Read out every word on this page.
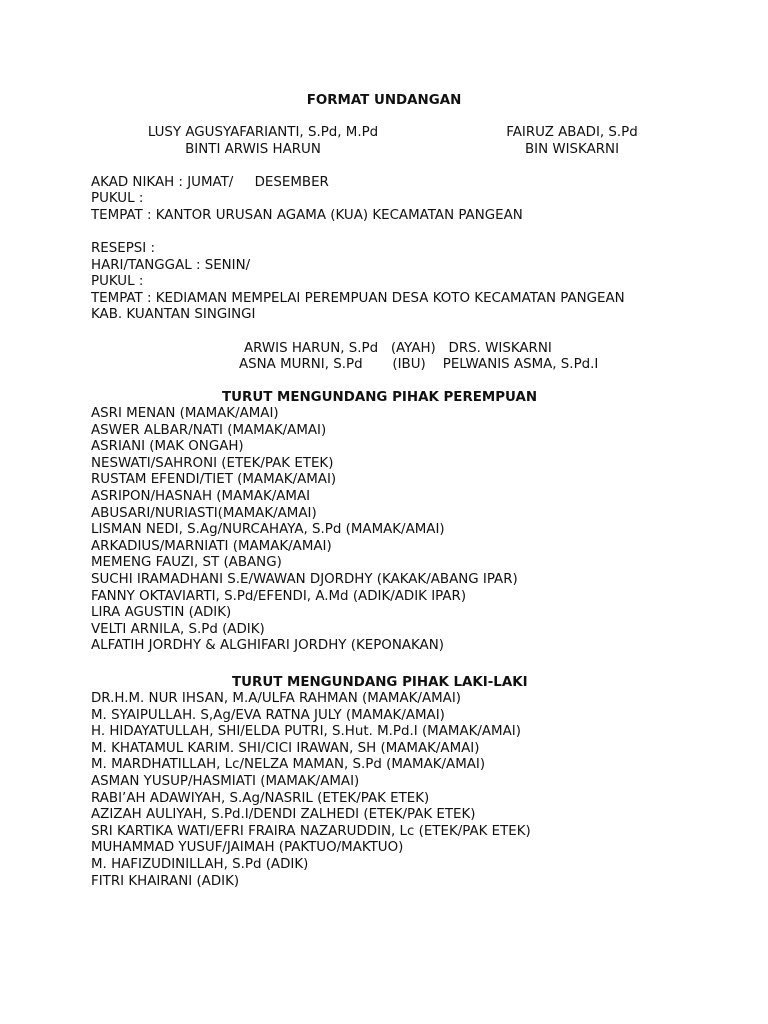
FORMAT UNDANGAN
LUSY AGUSYAFARIANTI, S.Pd, M.Pd
BINTI ARWIS HARUN
FAIRUZ ABADI, S.Pd
BIN WISKARNI
AKAD NIKAH : JUMAT/     DESEMBER
PUKUL :
TEMPAT : KANTOR URUSAN AGAMA (KUA) KECAMATAN PANGEAN
RESEPSI :
HARI/TANGGAL : SENIN/
PUKUL :
TEMPAT : KEDIAMAN MEMPELAI PEREMPUAN DESA KOTO KECAMATAN PANGEAN
KAB. KUANTAN SINGINGI
ARWIS HARUN, S.Pd   (AYAH)   DRS. WISKARNI
ASNA MURNI, S.Pd       (IBU)    PELWANIS ASMA, S.Pd.I
TURUT MENGUNDANG PIHAK PEREMPUAN
ASRI MENAN (MAMAK/AMAI)
ASWER ALBAR/NATI (MAMAK/AMAI)
ASRIANI (MAK ONGAH)
NESWATI/SAHRONI (ETEK/PAK ETEK)
RUSTAM EFENDI/TIET (MAMAK/AMAI)
ASRIPON/HASNAH (MAMAK/AMAI
ABUSARI/NURIASTI(MAMAK/AMAI)
LISMAN NEDI, S.Ag/NURCAHAYA, S.Pd (MAMAK/AMAI)
ARKADIUS/MARNIATI (MAMAK/AMAI)
MEMENG FAUZI, ST (ABANG)
SUCHI IRAMADHANI S.E/WAWAN DJORDHY (KAKAK/ABANG IPAR)
FANNY OKTAVIARTI, S.Pd/EFENDI, A.Md (ADIK/ADIK IPAR)
LIRA AGUSTIN (ADIK)
VELTI ARNILA, S.Pd (ADIK)
ALFATIH JORDHY & ALGHIFARI JORDHY (KEPONAKAN)
TURUT MENGUNDANG PIHAK LAKI-LAKI
DR.H.M. NUR IHSAN, M.A/ULFA RAHMAN (MAMAK/AMAI)
M. SYAIPULLAH. S,Ag/EVA RATNA JULY (MAMAK/AMAI)
H. HIDAYATULLAH, SHI/ELDA PUTRI, S.Hut. M.Pd.I (MAMAK/AMAI)
M. KHATAMUL KARIM. SHI/CICI IRAWAN, SH (MAMAK/AMAI)
M. MARDHATILLAH, Lc/NELZA MAMAN, S.Pd (MAMAK/AMAI)
ASMAN YUSUP/HASMIATI (MAMAK/AMAI)
RABI’AH ADAWIYAH, S.Ag/NASRIL (ETEK/PAK ETEK)
AZIZAH AULIYAH, S.Pd.I/DENDI ZALHEDI (ETEK/PAK ETEK)
SRI KARTIKA WATI/EFRI FRAIRA NAZARUDDIN, Lc (ETEK/PAK ETEK)
MUHAMMAD YUSUF/JAIMAH (PAKTUO/MAKTUO)
M. HAFIZUDINILLAH, S.Pd (ADIK)
FITRI KHAIRANI (ADIK)
